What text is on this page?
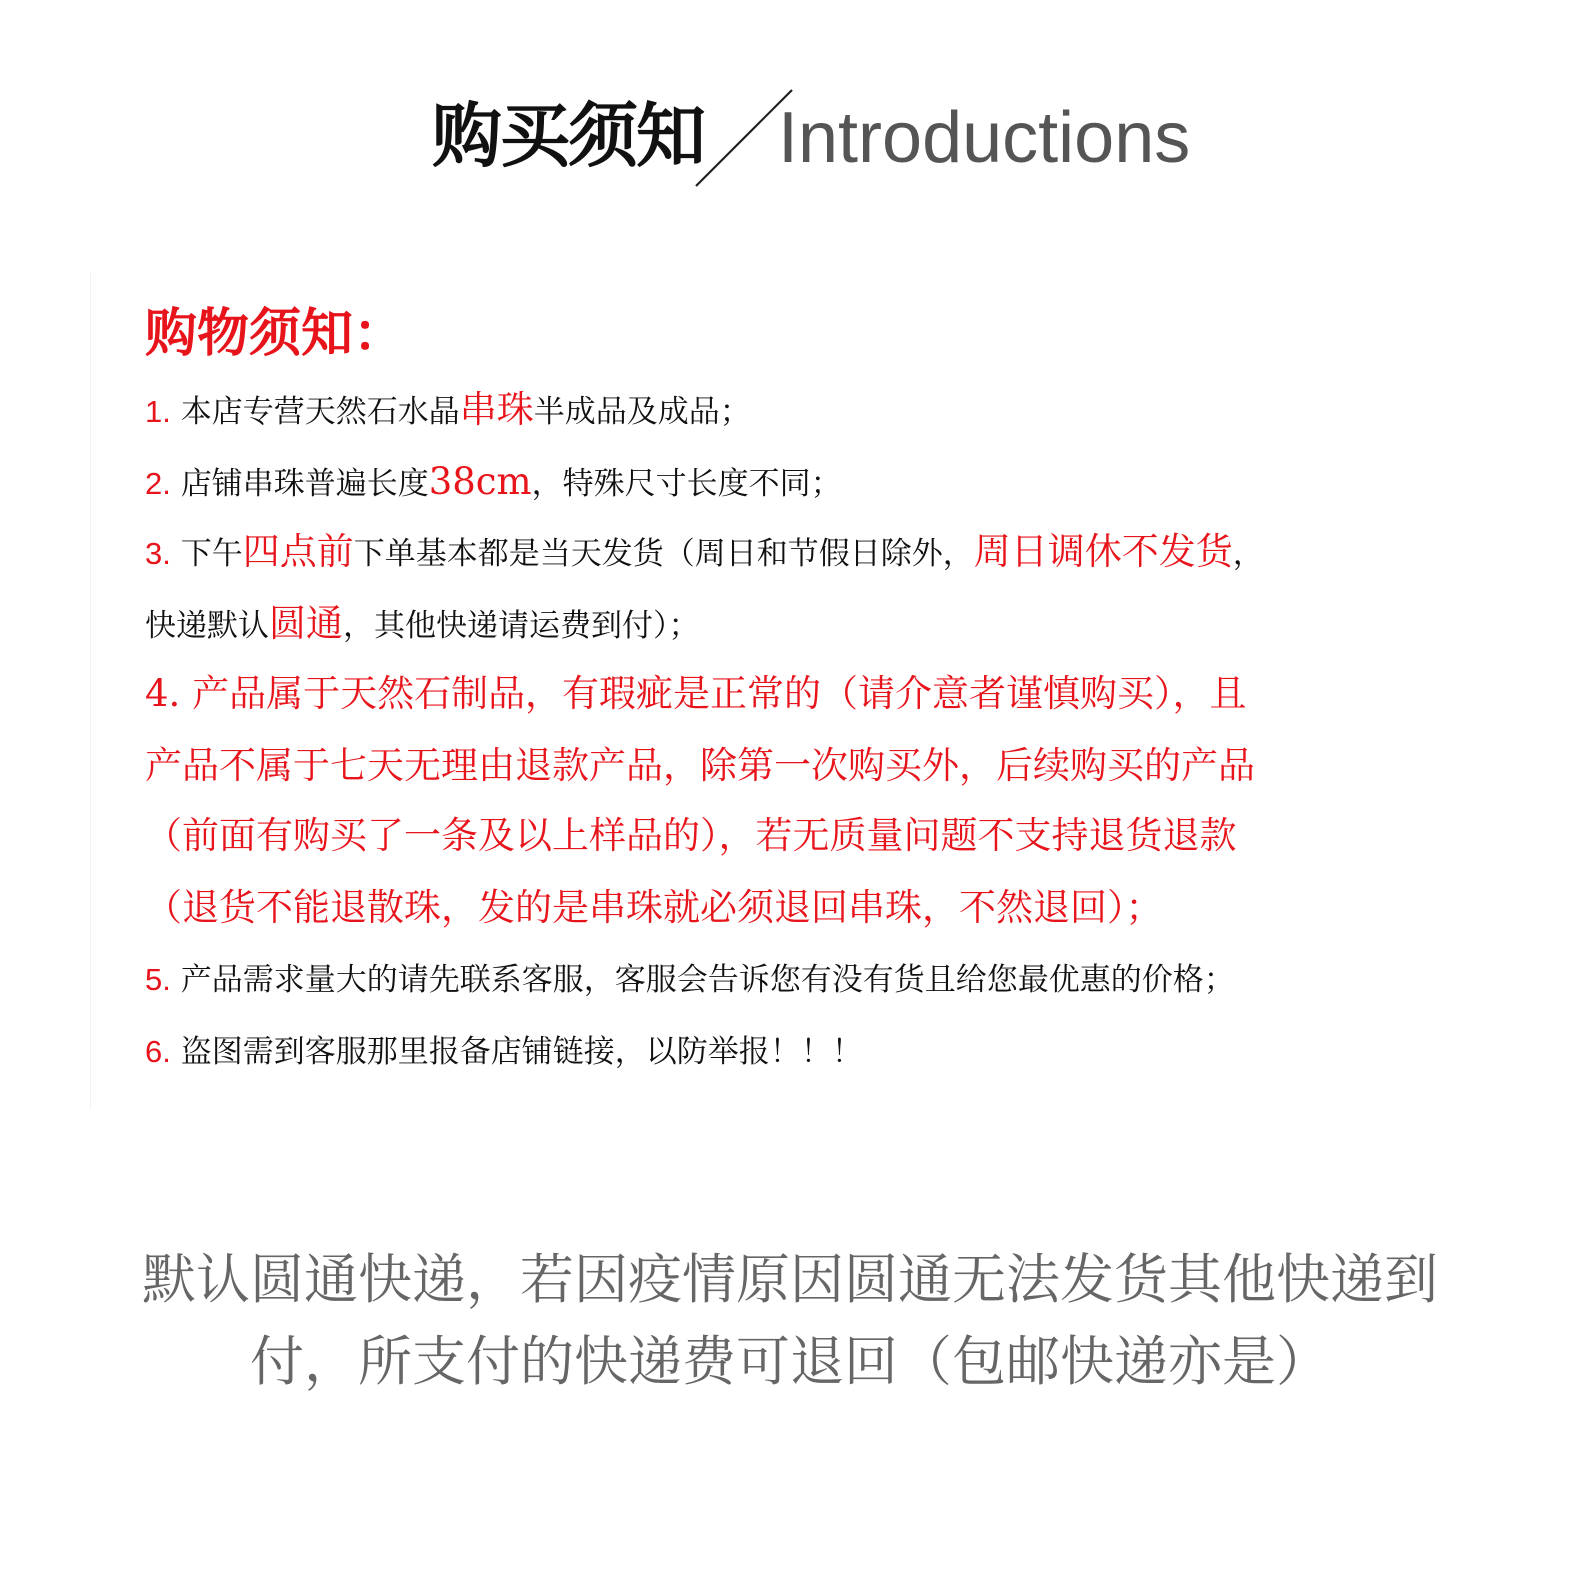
购买须知 Introductions
购物须知：
1. 本店专营天然石水晶串珠半成品及成品；
2. 店铺串珠普遍长度38cm，特殊尺寸长度不同；
3. 下午四点前下单基本都是当天发货（周日和节假日除外，周日调休不发货，
快递默认圆通，其他快递请运费到付）；
4. 产品属于天然石制品，有瑕疵是正常的（请介意者谨慎购买），且
产品不属于七天无理由退款产品，除第一次购买外，后续购买的产品
（前面有购买了一条及以上样品的），若无质量问题不支持退货退款
（退货不能退散珠，发的是串珠就必须退回串珠，不然退回）；
5. 产品需求量大的请先联系客服，客服会告诉您有没有货且给您最优惠的价格；
6. 盗图需到客服那里报备店铺链接，以防举报！！！
默认圆通快递，若因疫情原因圆通无法发货其他快递到
付，所支付的快递费可退回（包邮快递亦是）
